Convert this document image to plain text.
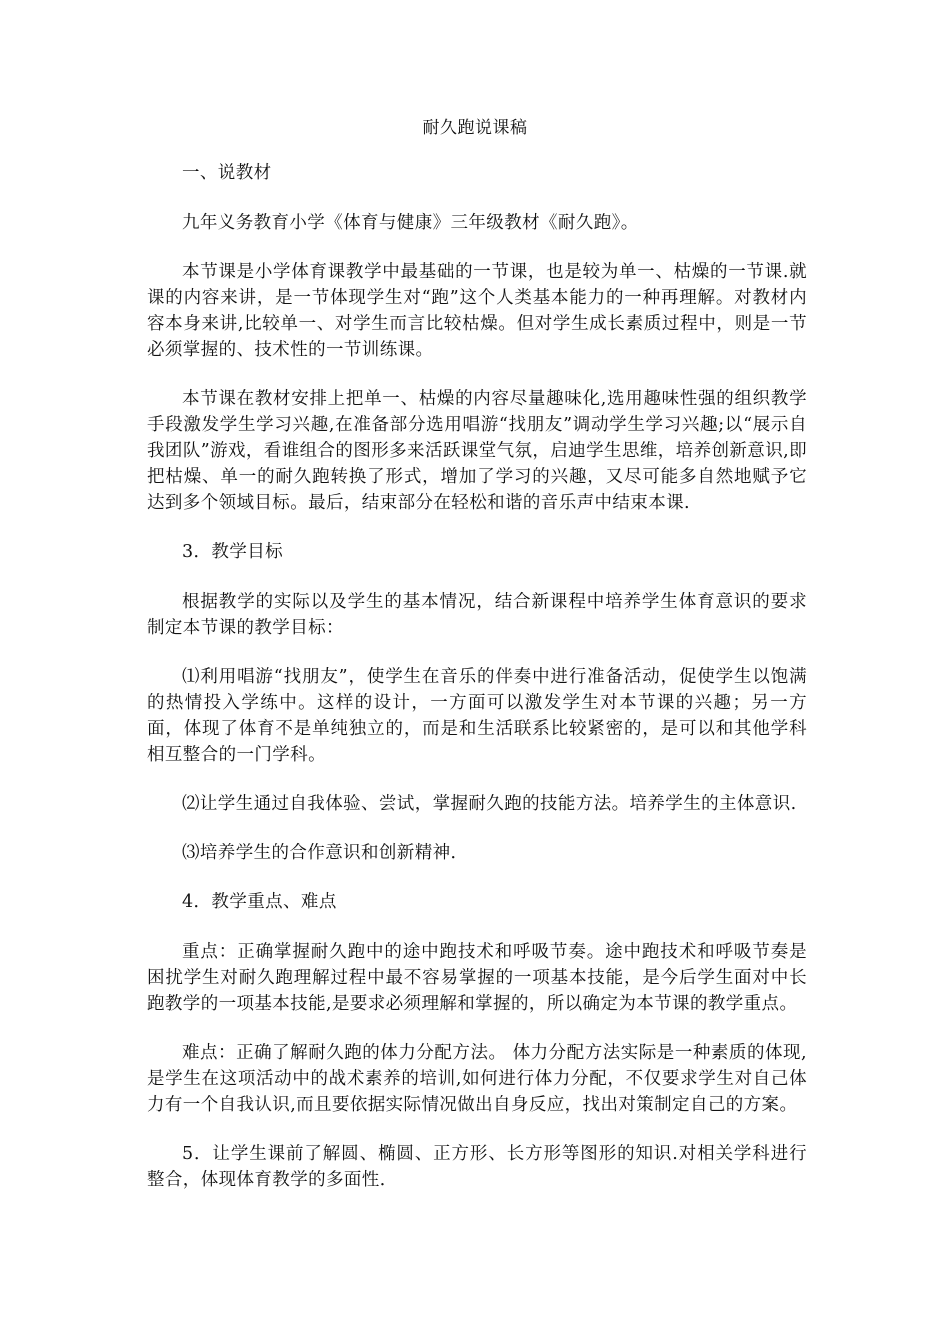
耐久跑说课稿

一、说教材

九年义务教育小学《体育与健康》三年级教材《耐久跑》。

本节课是小学体育课教学中最基础的一节课，也是较为单一、枯燥的一节课.就课的内容来讲，是一节体现学生对“跑”这个人类基本能力的一种再理解。对教材内容本身来讲,比较单一、对学生而言比较枯燥。但对学生成长素质过程中，则是一节必须掌握的、技术性的一节训练课。

本节课在教材安排上把单一、枯燥的内容尽量趣味化,选用趣味性强的组织教学手段激发学生学习兴趣,在准备部分选用唱游“找朋友”调动学生学习兴趣;以“展示自我团队”游戏，看谁组合的图形多来活跃课堂气氛，启迪学生思维，培养创新意识,即把枯燥、单一的耐久跑转换了形式，增加了学习的兴趣，又尽可能多自然地赋予它达到多个领域目标。最后，结束部分在轻松和谐的音乐声中结束本课.

3．教学目标

根据教学的实际以及学生的基本情况，结合新课程中培养学生体育意识的要求制定本节课的教学目标：

⑴利用唱游“找朋友”，使学生在音乐的伴奏中进行准备活动，促使学生以饱满的热情投入学练中。这样的设计，一方面可以激发学生对本节课的兴趣；另一方面，体现了体育不是单纯独立的，而是和生活联系比较紧密的，是可以和其他学科相互整合的一门学科。

⑵让学生通过自我体验、尝试，掌握耐久跑的技能方法。培养学生的主体意识.

⑶培养学生的合作意识和创新精神．

4．教学重点、难点

重点：正确掌握耐久跑中的途中跑技术和呼吸节奏。途中跑技术和呼吸节奏是困扰学生对耐久跑理解过程中最不容易掌握的一项基本技能，是今后学生面对中长跑教学的一项基本技能,是要求必须理解和掌握的，所以确定为本节课的教学重点。

难点：正确了解耐久跑的体力分配方法。 体力分配方法实际是一种素质的体现,是学生在这项活动中的战术素养的培训,如何进行体力分配，不仅要求学生对自己体力有一个自我认识,而且要依据实际情况做出自身反应，找出对策制定自己的方案。

5．让学生课前了解圆、椭圆、正方形、长方形等图形的知识.对相关学科进行整合，体现体育教学的多面性．
